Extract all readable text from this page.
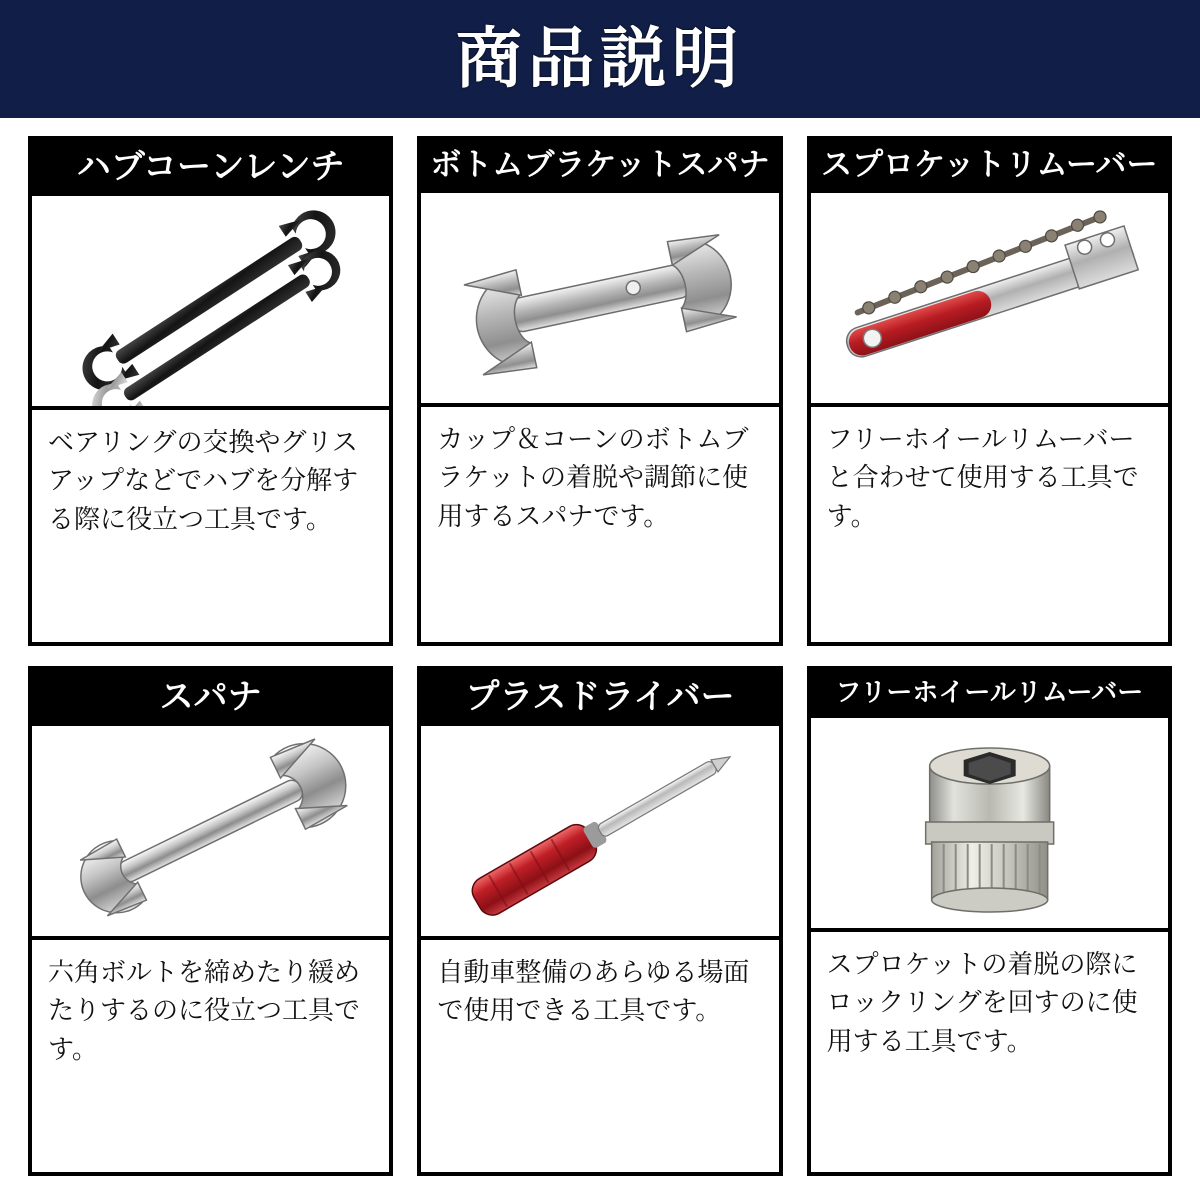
商品説明
ハブコーンレンチ
ベアリングの交換やグリスアップなどでハブを分解する際に役立つ工具です。
ボトムブラケットスパナ
カップ＆コーンのボトムブラケットの着脱や調節に使用するスパナです。
スプロケットリムーバー
フリーホイールリムーバーと合わせて使用する工具です。
スパナ
— — —
六角ボルトを締めたり緩めたりするのに役立つ工具です。
プラスドライバー
自動車整備のあらゆる場面で使用できる工具です。
フリーホイールリムーバー
スプロケットの着脱の際にロックリングを回すのに使用する工具です。
